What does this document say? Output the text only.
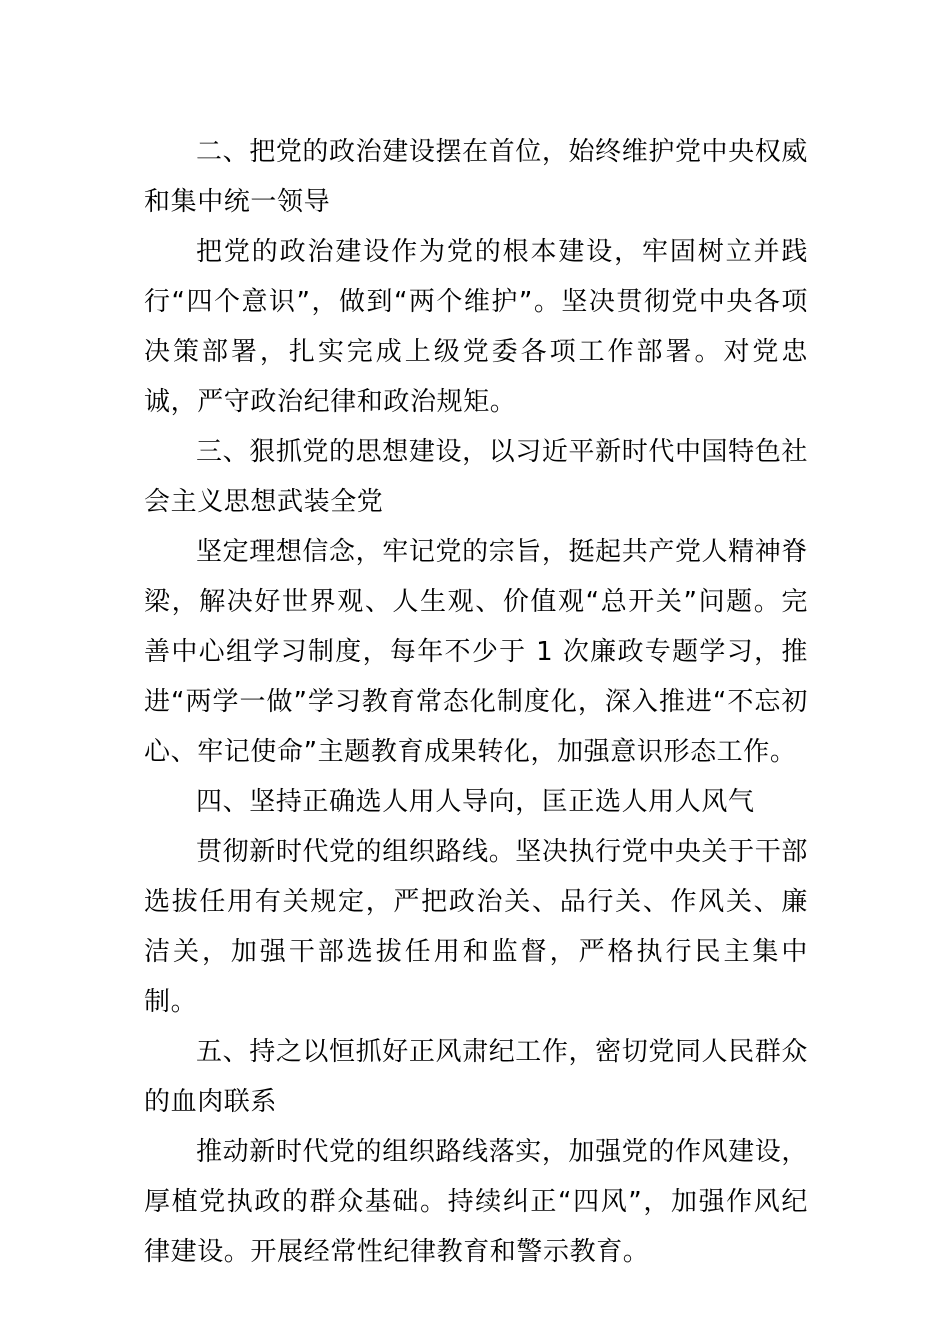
二、把党的政治建设摆在首位，始终维护党中央权威和集中统一领导

把党的政治建设作为党的根本建设，牢固树立并践行“四个意识”，做到“两个维护”。坚决贯彻党中央各项决策部署，扎实完成上级党委各项工作部署。对党忠诚，严守政治纪律和政治规矩。

三、狠抓党的思想建设，以习近平新时代中国特色社会主义思想武装全党

坚定理想信念，牢记党的宗旨，挺起共产党人精神脊梁，解决好世界观、人生观、价值观“总开关”问题。完善中心组学习制度，每年不少于 1 次廉政专题学习，推进“两学一做”学习教育常态化制度化，深入推进“不忘初心、牢记使命”主题教育成果转化，加强意识形态工作。

四、坚持正确选人用人导向，匡正选人用人风气

贯彻新时代党的组织路线。坚决执行党中央关于干部选拔任用有关规定，严把政治关、品行关、作风关、廉洁关，加强干部选拔任用和监督，严格执行民主集中制。

五、持之以恒抓好正风肃纪工作，密切党同人民群众的血肉联系

推动新时代党的组织路线落实，加强党的作风建设，厚植党执政的群众基础。持续纠正“四风”，加强作风纪律建设。开展经常性纪律教育和警示教育。
